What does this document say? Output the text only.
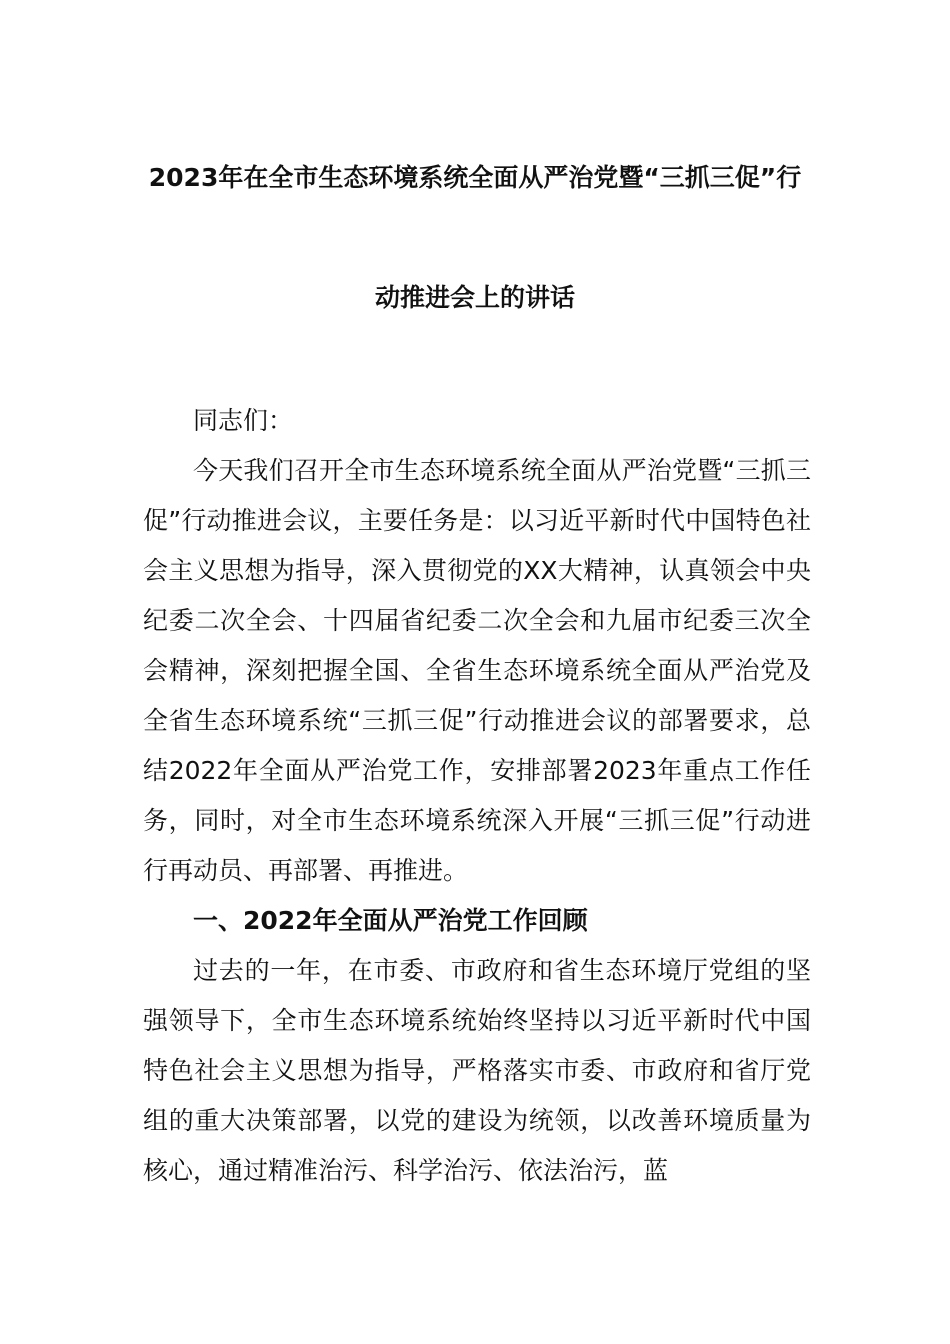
2023年在全市生态环境系统全面从严治党暨“三抓三促”行
动推进会上的讲话

同志们：

今天我们召开全市生态环境系统全面从严治党暨“三抓三促”行动推进会议，主要任务是：以习近平新时代中国特色社会主义思想为指导，深入贯彻党的XX大精神，认真领会中央纪委二次全会、十四届省纪委二次全会和九届市纪委三次全会精神，深刻把握全国、全省生态环境系统全面从严治党及全省生态环境系统“三抓三促”行动推进会议的部署要求，总结2022年全面从严治党工作，安排部署2023年重点工作任务，同时，对全市生态环境系统深入开展“三抓三促”行动进行再动员、再部署、再推进。

一、2022年全面从严治党工作回顾

过去的一年，在市委、市政府和省生态环境厅党组的坚强领导下，全市生态环境系统始终坚持以习近平新时代中国特色社会主义思想为指导，严格落实市委、市政府和省厅党组的重大决策部署，以党的建设为统领，以改善环境质量为核心，通过精准治污、科学治污、依法治污，蓝
